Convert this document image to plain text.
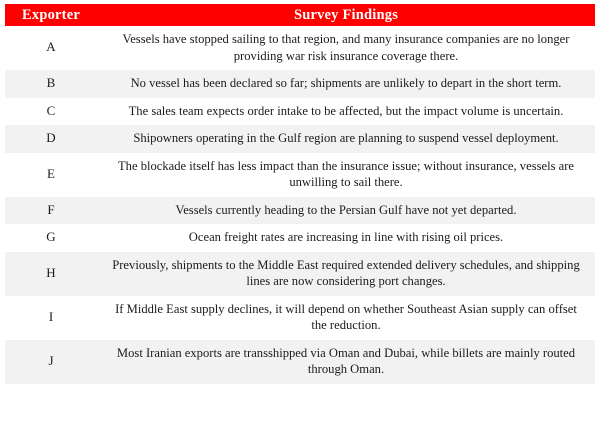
Exporter	Survey Findings
A	Vessels have stopped sailing to that region, and many insurance companies are no longer providing war risk insurance coverage there.
B	No vessel has been declared so far; shipments are unlikely to depart in the short term.
C	The sales team expects order intake to be affected, but the impact volume is uncertain.
D	Shipowners operating in the Gulf region are planning to suspend vessel deployment.
E	The blockade itself has less impact than the insurance issue; without insurance, vessels are unwilling to sail there.
F	Vessels currently heading to the Persian Gulf have not yet departed.
G	Ocean freight rates are increasing in line with rising oil prices.
H	Previously, shipments to the Middle East required extended delivery schedules, and shipping lines are now considering port changes.
I	If Middle East supply declines, it will depend on whether Southeast Asian supply can offset the reduction.
J	Most Iranian exports are transshipped via Oman and Dubai, while billets are mainly routed through Oman.
